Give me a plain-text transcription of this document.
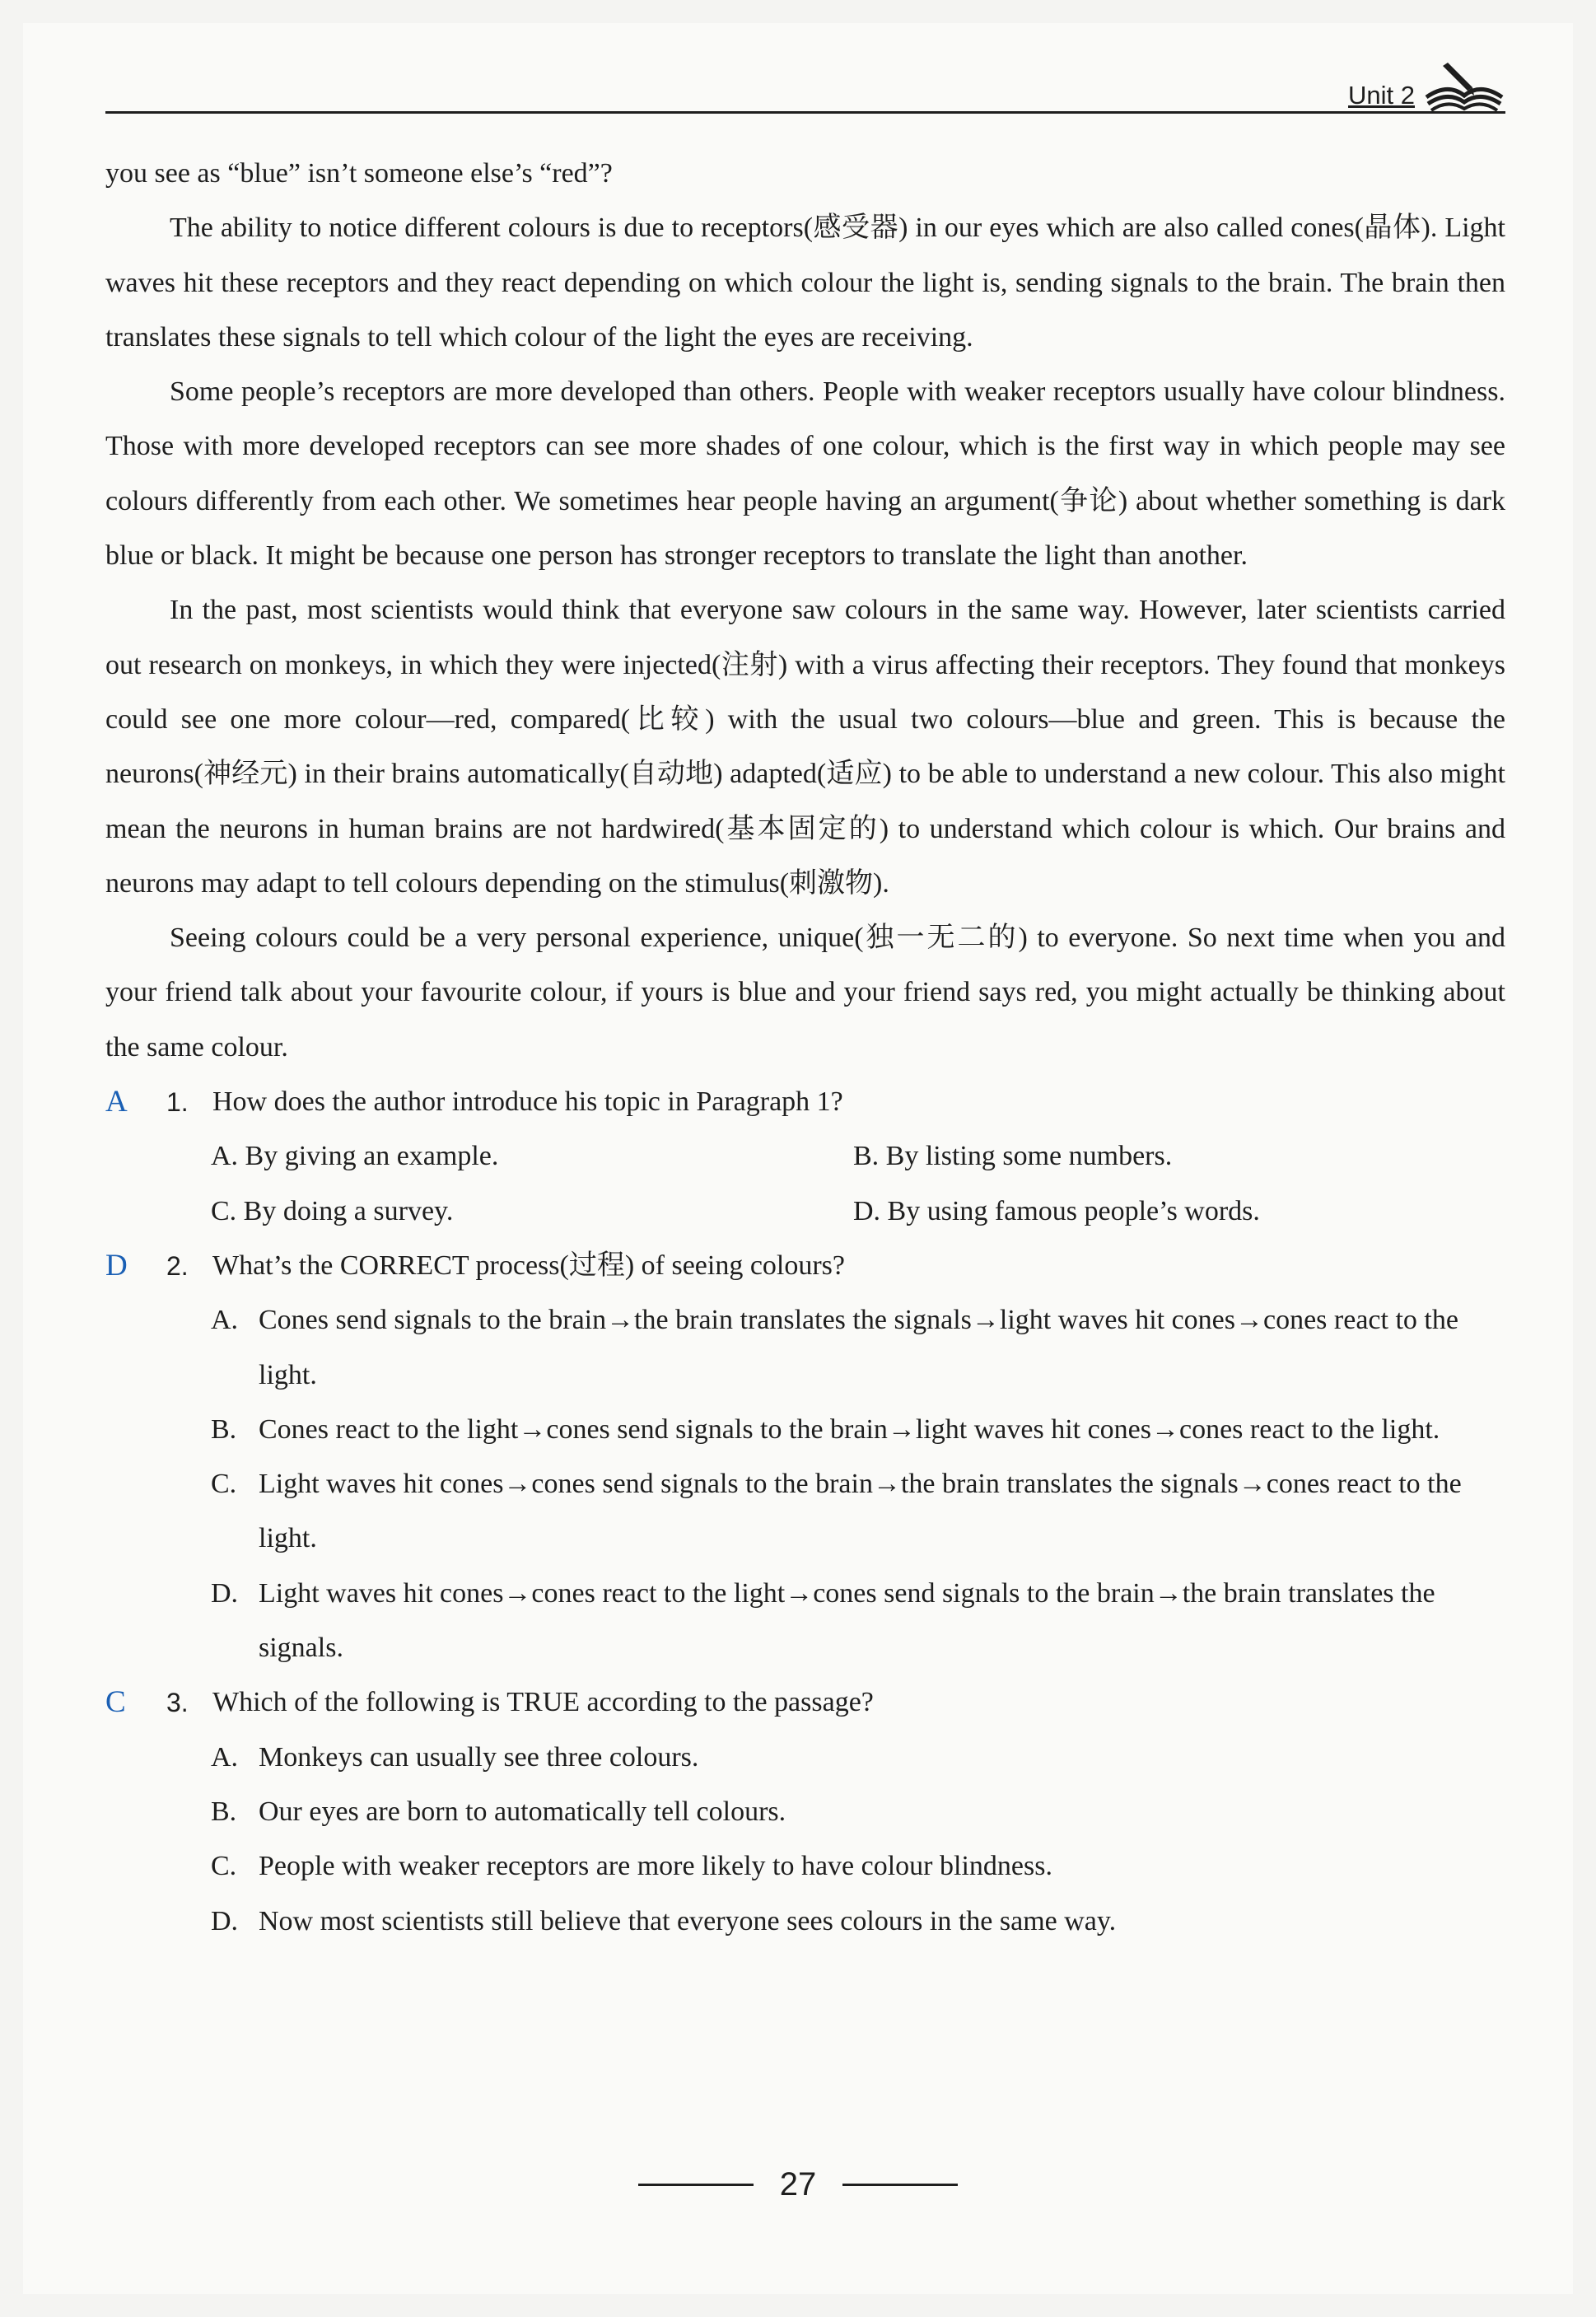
Unit 2

you see as “blue” isn’t someone else’s “red”?

The ability to notice different colours is due to receptors(感受器) in our eyes which are also called cones(晶体). Light waves hit these receptors and they react depending on which colour the light is, sending signals to the brain. The brain then translates these signals to tell which colour of the light the eyes are receiving.

Some people’s receptors are more developed than others. People with weaker receptors usually have colour blindness. Those with more developed receptors can see more shades of one colour, which is the first way in which people may see colours differently from each other. We sometimes hear people having an argument(争论) about whether something is dark blue or black. It might be because one person has stronger receptors to translate the light than another.

In the past, most scientists would think that everyone saw colours in the same way. However, later scientists carried out research on monkeys, in which they were injected(注射) with a virus affecting their receptors. They found that monkeys could see one more colour—red, compared(比较) with the usual two colours—blue and green. This is because the neurons(神经元) in their brains automatically(自动地) adapted(适应) to be able to understand a new colour. This also might mean the neurons in human brains are not hardwired(基本固定的) to understand which colour is which. Our brains and neurons may adapt to tell colours depending on the stimulus(刺激物).

Seeing colours could be a very personal experience, unique(独一无二的) to everyone. So next time when you and your friend talk about your favourite colour, if yours is blue and your friend says red, you might actually be thinking about the same colour.

A 1. How does the author introduce his topic in Paragraph 1?
A. By giving an example.	B. By listing some numbers.
C. By doing a survey.	D. By using famous people’s words.
D 2. What’s the CORRECT process(过程) of seeing colours?
A. Cones send signals to the brain→the brain translates the signals→light waves hit cones→cones react to the light.
B. Cones react to the light→cones send signals to the brain→light waves hit cones→cones react to the light.
C. Light waves hit cones→cones send signals to the brain→the brain translates the signals→cones react to the light.
D. Light waves hit cones→cones react to the light→cones send signals to the brain→the brain translates the signals.
C 3. Which of the following is TRUE according to the passage?
A. Monkeys can usually see three colours.
B. Our eyes are born to automatically tell colours.
C. People with weaker receptors are more likely to have colour blindness.
D. Now most scientists still believe that everyone sees colours in the same way.
27
